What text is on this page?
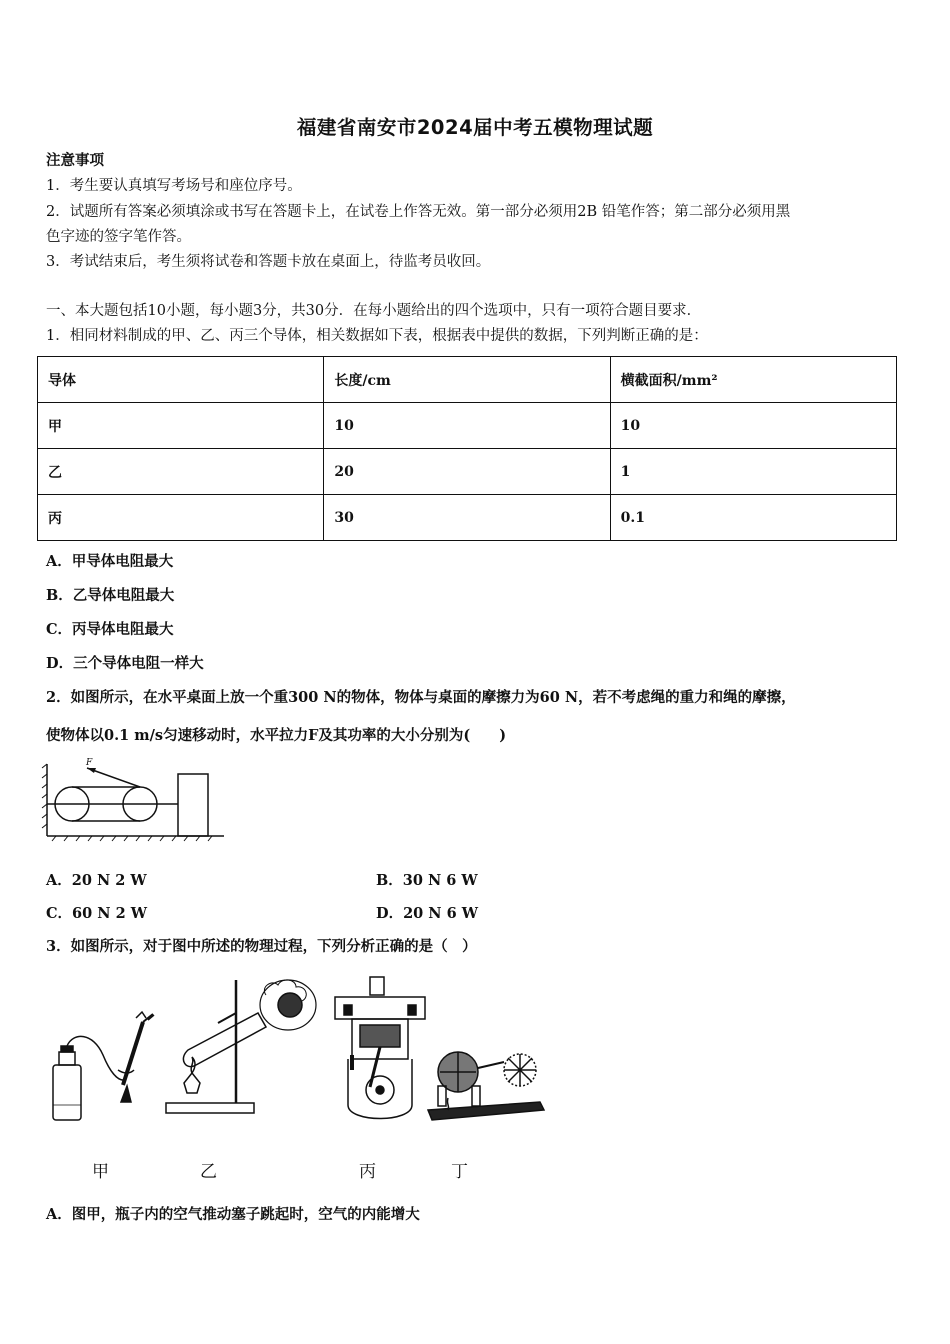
福建省南安市2024届中考五模物理试题
注意事项
1．考生要认真填写考场号和座位序号。
2．试题所有答案必须填涂或书写在答题卡上，在试卷上作答无效。第一部分必须用2B 铅笔作答；第二部分必须用黑
色字迹的签字笔作答。
3．考试结束后，考生须将试卷和答题卡放在桌面上，待监考员收回。
一、本大题包括10小题，每小题3分，共30分．在每小题给出的四个选项中，只有一项符合题目要求．
1．相同材料制成的甲、乙、丙三个导体，相关数据如下表，根据表中提供的数据，下列判断正确的是：
导体	长度/cm	横截面积/mm²
甲	10	10
乙	20	1
丙	30	0.1
A．甲导体电阻最大
B．乙导体电阻最大
C．丙导体电阻最大
D．三个导体电阻一样大
2．如图所示，在水平桌面上放一个重300 N的物体，物体与桌面的摩擦力为60 N，若不考虑绳的重力和绳的摩擦，
使物体以0.1 m/s匀速移动时，水平拉力F及其功率的大小分别为(　　)
F
A．20 N 2 W	B．30 N 6 W
C．60 N 2 W	D．20 N 6 W
3．如图所示，对于图中所述的物理过程，下列分析正确的是（　）
甲	乙	丙	丁
A．图甲，瓶子内的空气推动塞子跳起时，空气的内能增大
